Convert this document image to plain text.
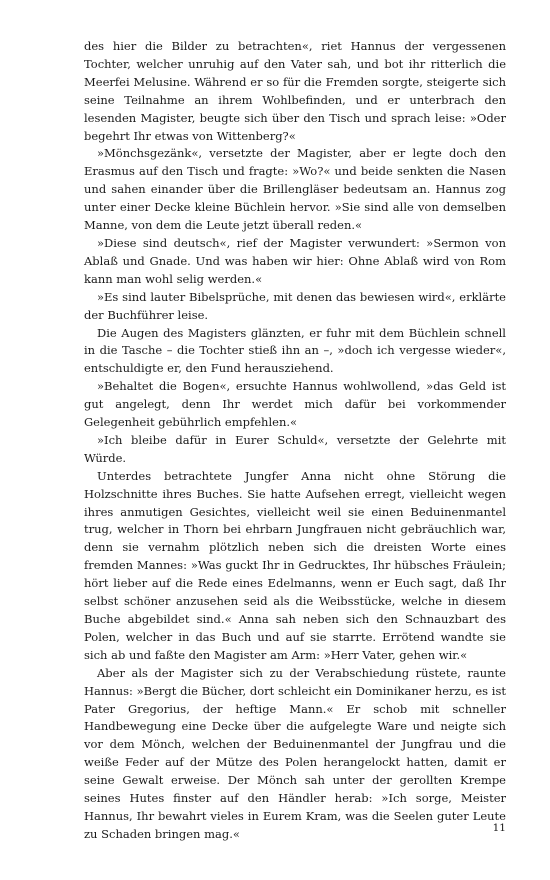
des hier die Bilder zu betrachten«, riet Hannus der vergessenen Tochter, welcher unruhig auf den Vater sah, und bot ihr ritterlich die Meerfei Melusine. Während er so für die Fremden sorgte, steigerte sich seine Teilnahme an ihrem Wohlbefinden, und er unterbrach den lesenden Magister, beugte sich über den Tisch und sprach leise: »Oder begehrt Ihr etwas von Wittenberg?«

»Mönchsgezänk«, versetzte der Magister, aber er legte doch den Erasmus auf den Tisch und fragte: »Wo?« und beide senkten die Nasen und sahen einander über die Brillengläser bedeutsam an. Hannus zog unter einer Decke kleine Büchlein hervor. »Sie sind alle von demselben Manne, von dem die Leute jetzt überall reden.«

»Diese sind deutsch«, rief der Magister verwundert: »Sermon von Ablaß und Gnade. Und was haben wir hier: Ohne Ablaß wird von Rom kann man wohl selig werden.«

»Es sind lauter Bibelsprüche, mit denen das bewiesen wird«, erklärte der Buchführer leise.

Die Augen des Magisters glänzten, er fuhr mit dem Büchlein schnell in die Tasche – die Tochter stieß ihn an –, »doch ich vergesse wieder«, entschuldigte er, den Fund herausziehend.

»Behaltet die Bogen«, ersuchte Hannus wohlwollend, »das Geld ist gut angelegt, denn Ihr werdet mich dafür bei vorkommender Gelegenheit gebührlich empfehlen.«

»Ich bleibe dafür in Eurer Schuld«, versetzte der Gelehrte mit Würde.

Unterdes betrachtete Jungfer Anna nicht ohne Störung die Holzschnitte ihres Buches. Sie hatte Aufsehen erregt, vielleicht wegen ihres anmutigen Gesichtes, vielleicht weil sie einen Beduinenmantel trug, welcher in Thorn bei ehrbarn Jungfrauen nicht gebräuchlich war, denn sie vernahm plötzlich neben sich die dreisten Worte eines fremden Mannes: »Was guckt Ihr in Gedrucktes, Ihr hübsches Fräulein; hört lieber auf die Rede eines Edelmanns, wenn er Euch sagt, daß Ihr selbst schöner anzusehen seid als die Weibsstücke, welche in diesem Buche abgebildet sind.« Anna sah neben sich den Schnauzbart des Polen, welcher in das Buch und auf sie starrte. Errötend wandte sie sich ab und faßte den Magister am Arm: »Herr Vater, gehen wir.«

Aber als der Magister sich zu der Verabschiedung rüstete, raunte Hannus: »Bergt die Bücher, dort schleicht ein Dominikaner herzu, es ist Pater Gregorius, der heftige Mann.« Er schob mit schneller Handbewegung eine Decke über die aufgelegte Ware und neigte sich vor dem Mönch, welchen der Beduinenmantel der Jungfrau und die weiße Feder auf der Mütze des Polen herangelockt hatten, damit er seine Gewalt erweise. Der Mönch sah unter der gerollten Krempe seines Hutes finster auf den Händler herab: »Ich sorge, Meister Hannus, Ihr bewahrt vieles in Eurem Kram, was die Seelen guter Leute zu Schaden bringen mag.«	11
